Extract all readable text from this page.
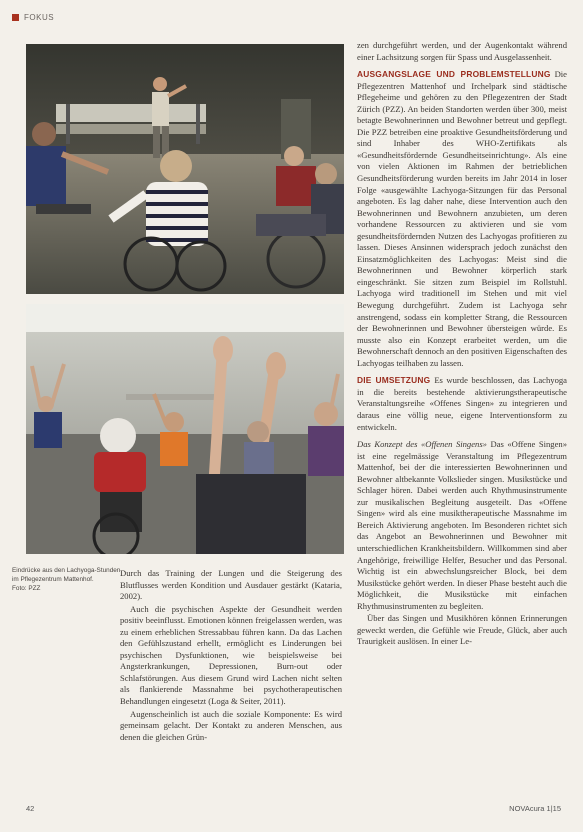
FOKUS
Eindrücke aus den Lachyoga-Stunden
im Pflegezentrum Mattenhof.
Foto: PZZ

Durch das Training der Lungen und die Steigerung des Blutflusses werden Kondition und Ausdauer gestärkt (Kataria, 2002).

Auch die psychischen Aspekte der Gesundheit werden positiv beeinflusst. Emotionen können freigelassen werden, was zu einem erheblichen Stressabbau führen kann. Da das Lachen den Gefühlszustand erhellt, ermöglicht es Linderungen bei psychischen Dysfunktionen, wie beispielsweise bei Angsterkrankungen, Depressionen, Burn-out oder Schlafstörungen. Aus diesem Grund wird Lachen nicht selten als flankierende Massnahme bei psychotherapeutischen Behandlungen eingesetzt (Loga & Seiter, 2011).

Augenscheinlich ist auch die soziale Komponente: Es wird gemeinsam gelacht. Der Kontakt zu anderen Menschen, aus denen die gleichen Grün-

zen durchgeführt werden, und der Augenkontakt während einer Lachsitzung sorgen für Spass und Ausgelassenheit.

AUSGANGSLAGE UND PROBLEMSTELLUNG Die Pflegezentren Mattenhof und Irchelpark sind städtische Pflegeheime und gehören zu den Pflegezentren der Stadt Zürich (PZZ). An beiden Standorten werden über 300, meist betagte Bewohnerinnen und Bewohner betreut und gepflegt. Die PZZ betreiben eine proaktive Gesundheitsförderung und sind Inhaber des WHO-Zertifikats als «Gesundheitsfördernde Gesundheitseinrichtung». Als eine von vielen Aktionen im Rahmen der betrieblichen Gesundheitsförderung wurden bereits im Jahr 2014 in loser Folge «ausgewählte Lachyoga-Sitzungen für das Personal angeboten. Es lag daher nahe, diese Intervention auch den Bewohnerinnen und Bewohnern anzubieten, um deren vorhandene Ressourcen zu aktivieren und sie vom gesundheitsfördernden Nutzen des Lachyogas profitieren zu lassen. Dieses Ansinnen widersprach jedoch zunächst den Einsatzmöglichkeiten des Lachyogas: Meist sind die Bewohnerinnen und Bewohner körperlich stark eingeschränkt. Sie sitzen zum Beispiel im Rollstuhl. Lachyoga wird traditionell im Stehen und mit viel Bewegung durchgeführt. Zudem ist Lachyoga sehr anstrengend, sodass ein kompletter Strang, die Ressourcen der Bewohnerinnen und Bewohner übersteigen würde. Es musste also ein Konzept erarbeitet werden, um die Bewohnerschaft dennoch an den positiven Eigenschaften des Lachyogas teilhaben zu lassen.

DIE UMSETZUNG Es wurde beschlossen, das Lachyoga in die bereits bestehende aktivierungstherapeutische Veranstaltungsreihe «Offenes Singen» zu integrieren und daraus eine völlig neue, eigene Interventionsform zu entwickeln.

Das Konzept des «Offenen Singens» Das «Offene Singen» ist eine regelmässige Veranstaltung im Pflegezentrum Mattenhof, bei der die interessierten Bewohnerinnen und Bewohner altbekannte Volkslieder singen. Musikstücke und Schlager hören. Dabei werden auch Rhythmusinstrumente zur musikalischen Begleitung ausgeteilt. Das «Offene Singen» wird als eine musiktherapeutische Massnahme im Bereich Aktivierung angeboten. Im Besonderen richtet sich das Angebot an Bewohnerinnen und Bewohner mit unterschiedlichen Krankheitsbildern. Willkommen sind aber Angehörige, freiwillige Helfer, Besucher und das Personal. Wichtig ist ein abwechslungsreicher Block, bei dem Musikstücke gehört werden. In dieser Phase besteht auch die Möglichkeit, die Musikstücke mit einfachen Rhythmusinstrumenten zu begleiten.

Über das Singen und Musikhören können Erinnerungen geweckt werden, die Gefühle wie Freude, Glück, aber auch Traurigkeit auslösen. In einer Le-

42	NOVAcura 1|15
